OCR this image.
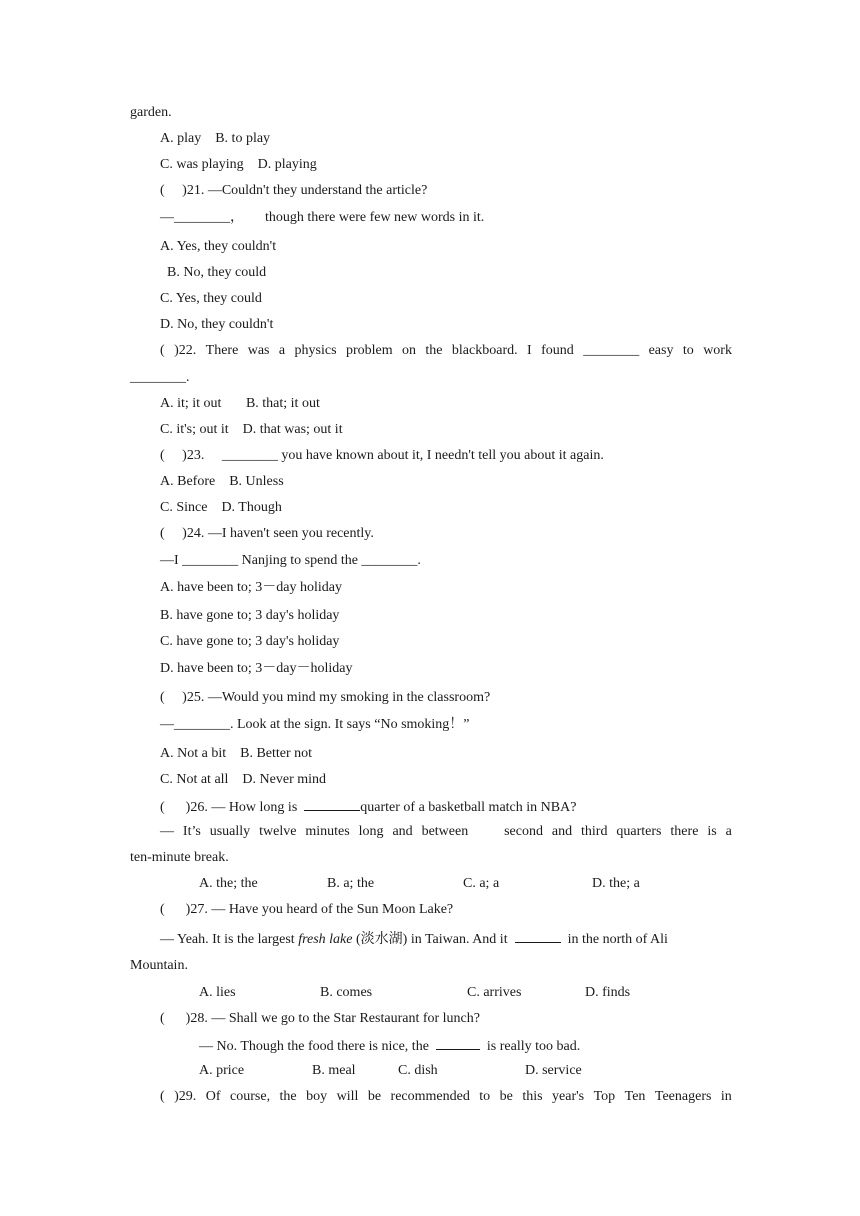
garden.
A. play    B. to play
C. was playing    D. playing
(     )21. —Couldn't they understand the article?
—________，      though there were few new words in it.
A. Yes, they couldn't
B. No, they could
C. Yes, they could
D. No, they couldn't
( )22. There was a physics problem on the blackboard. I found ________ easy to work
________.
A. it; it out       B. that; it out
C. it's; out it    D. that was; out it
(     )23.     ________ you have known about it, I needn't tell you about it again.
A. Before    B. Unless
C. Since    D. Though
(     )24. —I haven't seen you recently.
—I ________ Nanjing to spend the ________.
A. have been to; 3－day holiday
B. have gone to; 3 day's holiday
C. have gone to; 3 day's holiday
D. have been to; 3－day－holiday
(     )25. —Would you mind my smoking in the classroom?
—________. Look at the sign. It says “No smoking！”
A. Not a bit    B. Better not
C. Not at all    D. Never mind
(      )26. — How long is	quarter of a basketball match in NBA?
— It’s usually twelve minutes long and between	second and third quarters there is a
ten-minute break.
A. the; the	B. a; the	C. a; a	D. the; a
(      )27. — Have you heard of the Sun Moon Lake?
— Yeah. It is the largest fresh lake (淡水湖) in Taiwan. And it	in the north of Ali
Mountain.
A. lies	B. comes	C. arrives	D. finds
(      )28. — Shall we go to the Star Restaurant for lunch?
— No. Though the food there is nice, the	is really too bad.
A. price	B. meal	C. dish	D. service
( )29. Of course, the boy will be recommended to be this year's Top Ten Teenagers in
